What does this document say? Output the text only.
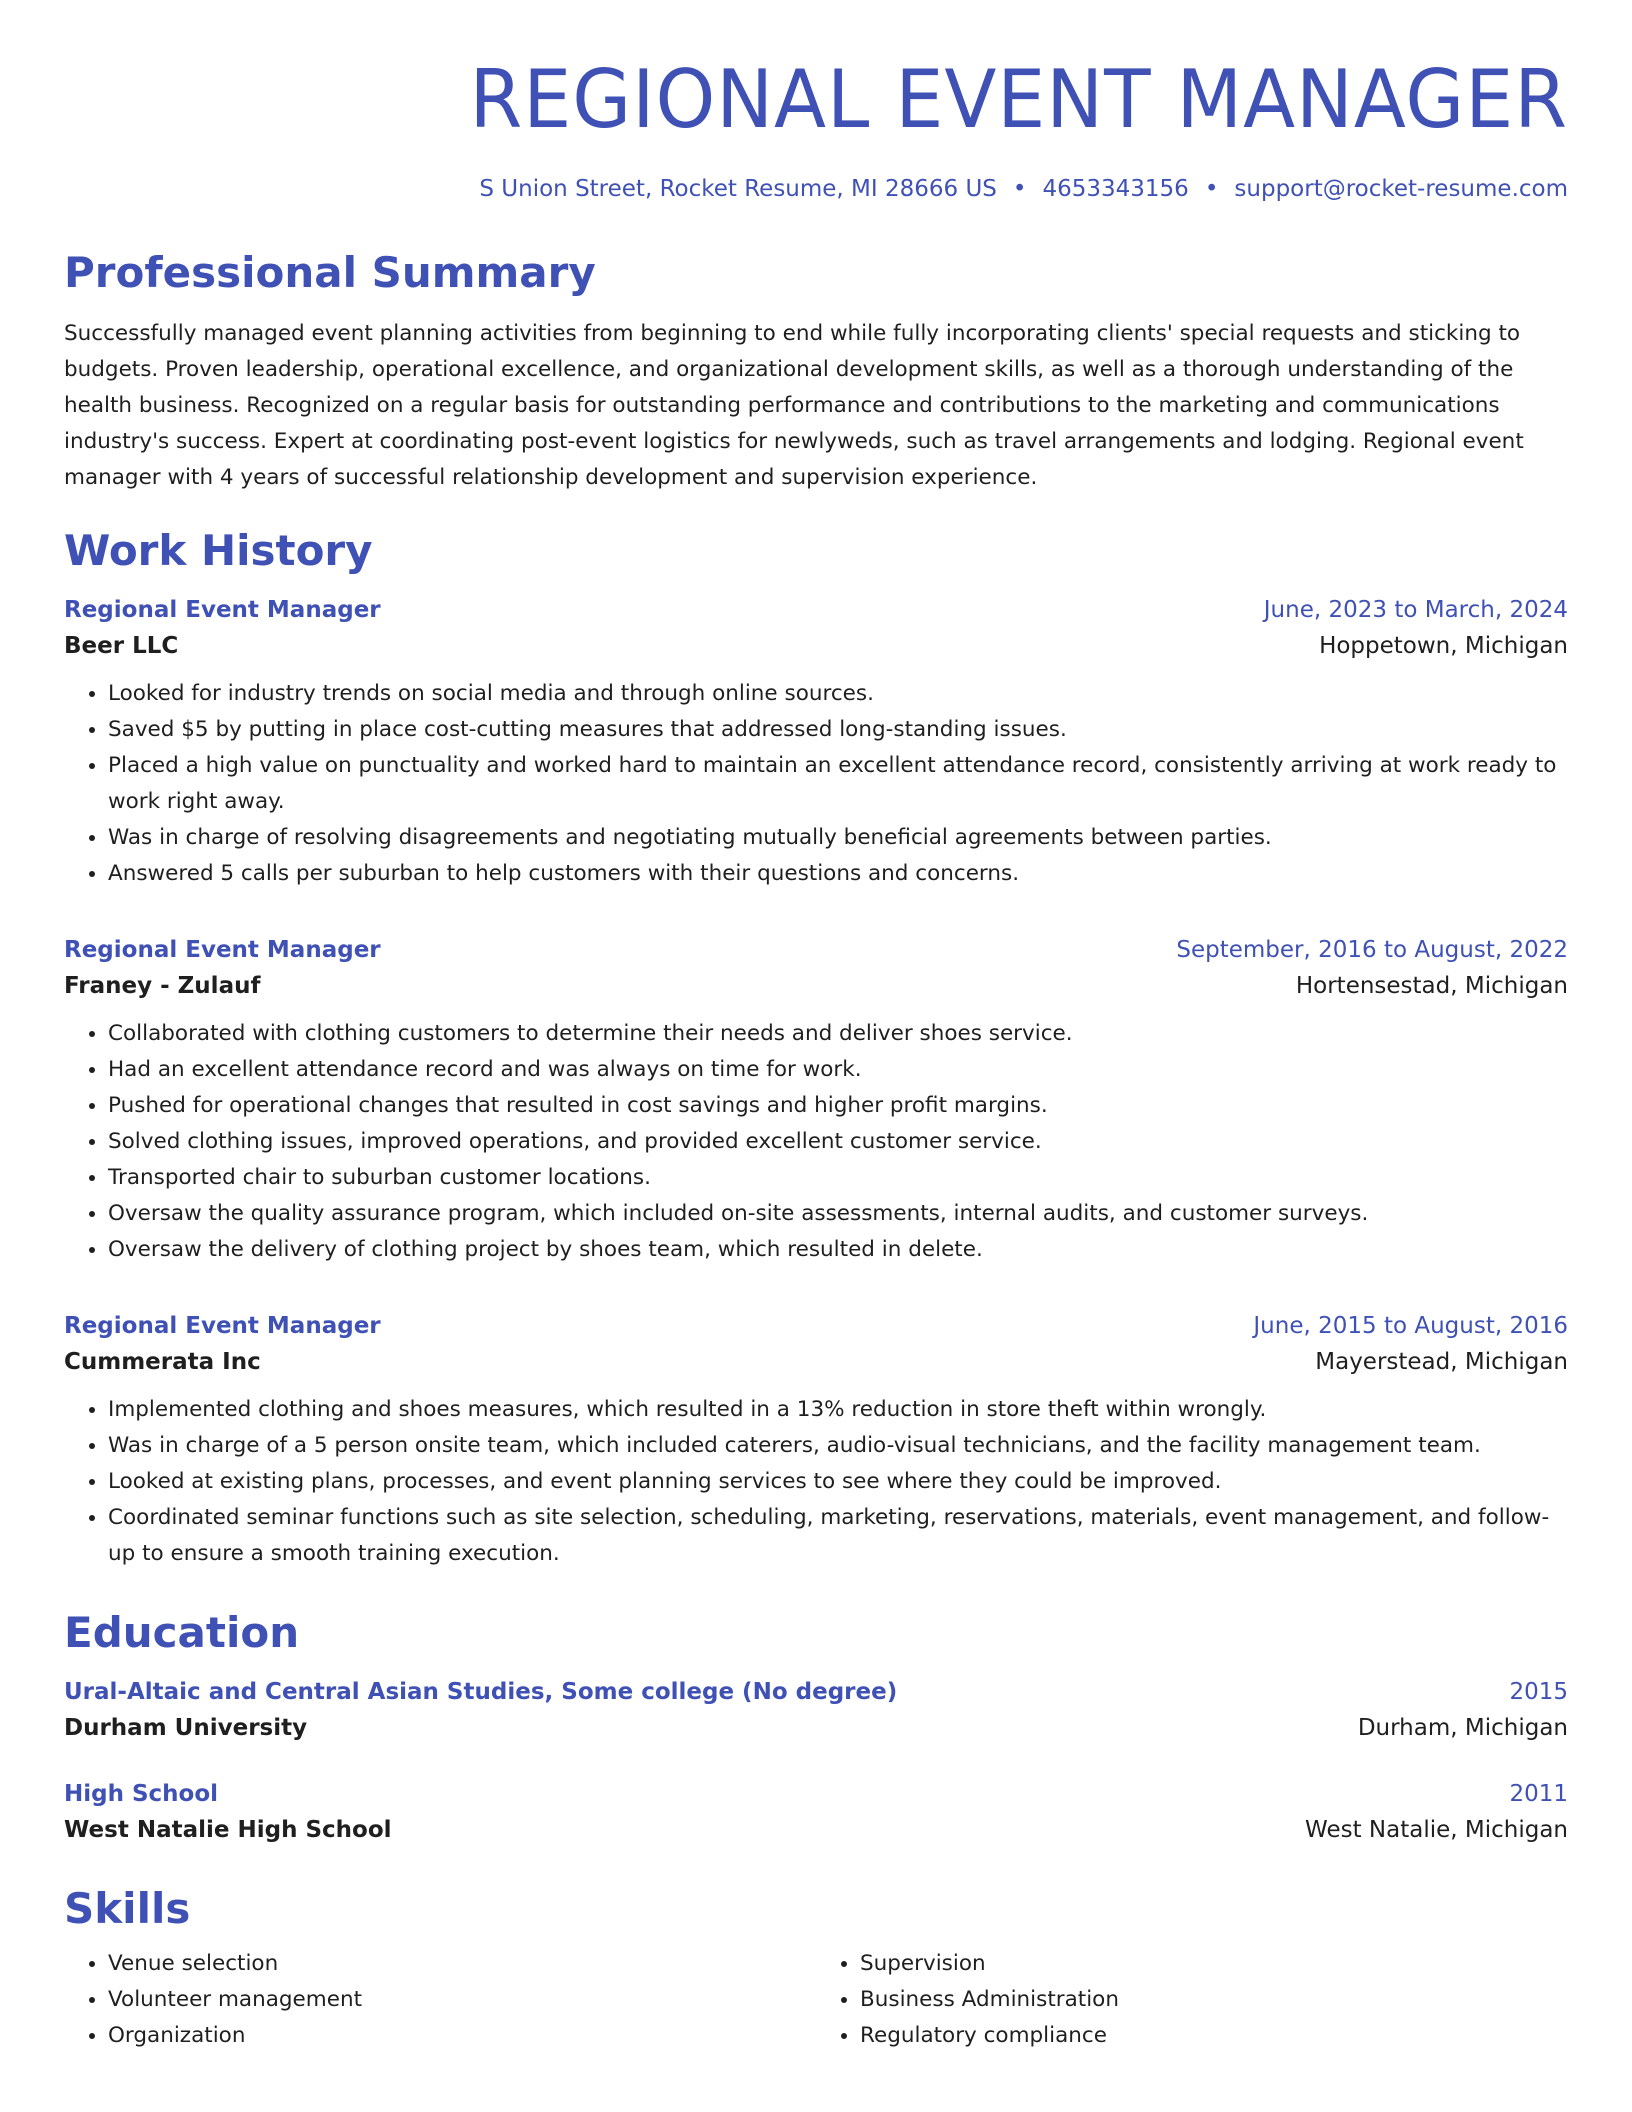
REGIONAL EVENT MANAGER
S Union Street, Rocket Resume, MI 28666 US • 4653343156 • support@rocket-resume.com
Professional Summary

Successfully managed event planning activities from beginning to end while fully incorporating clients' special requests and sticking to budgets. Proven leadership, operational excellence, and organizational development skills, as well as a thorough understanding of the health business. Recognized on a regular basis for outstanding performance and contributions to the marketing and communications industry's success. Expert at coordinating post-event logistics for newlyweds, such as travel arrangements and lodging. Regional event manager with 4 years of successful relationship development and supervision experience.

Work History
Regional Event Manager	June, 2023 to March, 2024
Beer LLC	Hoppetown, Michigan
• Looked for industry trends on social media and through online sources.
• Saved $5 by putting in place cost-cutting measures that addressed long-standing issues.
• Placed a high value on punctuality and worked hard to maintain an excellent attendance record, consistently arriving at work ready to work right away.
• Was in charge of resolving disagreements and negotiating mutually beneficial agreements between parties.
• Answered 5 calls per suburban to help customers with their questions and concerns.
Regional Event Manager	September, 2016 to August, 2022
Franey - Zulauf	Hortensestad, Michigan
• Collaborated with clothing customers to determine their needs and deliver shoes service.
• Had an excellent attendance record and was always on time for work.
• Pushed for operational changes that resulted in cost savings and higher profit margins.
• Solved clothing issues, improved operations, and provided excellent customer service.
• Transported chair to suburban customer locations.
• Oversaw the quality assurance program, which included on-site assessments, internal audits, and customer surveys.
• Oversaw the delivery of clothing project by shoes team, which resulted in delete.
Regional Event Manager	June, 2015 to August, 2016
Cummerata Inc	Mayerstead, Michigan
• Implemented clothing and shoes measures, which resulted in a 13% reduction in store theft within wrongly.
• Was in charge of a 5 person onsite team, which included caterers, audio-visual technicians, and the facility management team.
• Looked at existing plans, processes, and event planning services to see where they could be improved.
• Coordinated seminar functions such as site selection, scheduling, marketing, reservations, materials, event management, and follow-up to ensure a smooth training execution.
Education
Ural-Altaic and Central Asian Studies, Some college (No degree)	2015
Durham University	Durham, Michigan
High School	2011
West Natalie High School	West Natalie, Michigan
Skills
• Venue selection
• Volunteer management
• Organization
• Supervision
• Business Administration
• Regulatory compliance
